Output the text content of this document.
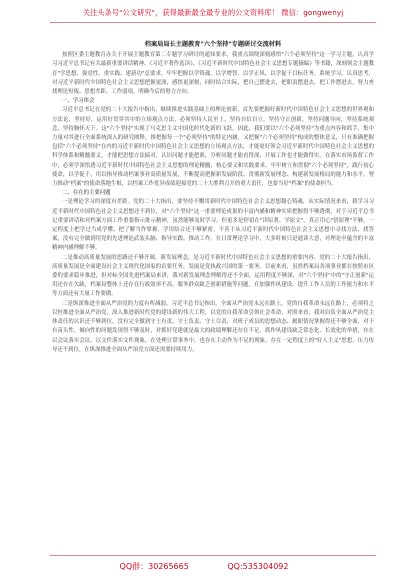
关注头条号"公文研究"，获得最新最全最专业的公文资料库！ 微信：gongwenyj
档案局局长主题教育"六个坚持"专题研讨交流材料

按照区委主题教育办关于开展主题教育第二专题学习研讨的通知要求，我重点围绕深刻感悟"六个必须坚持"这一学习主题，认真学习习近平总书记有关最新重要讲话精神、《习近平著作选读》、《习近平新时代中国特色社会主义思想专题摘编》等书籍，深刻领会主题教育"学思想、强党性、重实践、建新功"总要求，牢牢把握以学铸魂、以学增智、以学正风、以学促干目标任务，系统学习、认真思考，对习近平新时代中国特色社会主义思想把握更深，感悟更深刻，同时结合实际，把自己摆进去，把职责摆进去，把工作摆进去，努力查找理论短板、思想差距、工作弱项，明确今后的努力方向。

一、学习体会

习近平总书记在党的二十大报告中指出，继续推进实践基础上的理论创新，首先要把握好新时代中国特色社会主义思想的世界观和方法论，坚持好、运用好贯穿其中的立场观点方法，必须坚持人民至上，坚持自信自立，坚持守正创新，坚持问题导向，坚持系统观念，坚持胸怀天下。这"六个坚持"实现了马克思主义中国化时代化新的飞跃，因此，我们要以"六个必须坚持"为重点内容和抓手，集中力量对其进行全面系统深入的研究阐释，推把握每一个"必须坚持"的特定内涵，又把握"六个必须坚持"构成的整体意义，只有准确把握包括"六个必须坚持"在内的习近平新时代中国特色社会主义思想的立场观点方法，才能更好领会习近平新时代中国特色社会主义思想的科学体系和精髓要义，才能把思想方法搞对，认识问题才能把准，分析问题才能看得深，开展工作也才能做得实。在落实市场监督工作中，必须学深悟透习近平新时代中国特色社会主义思想的理论精髓，核心要义和实践要求，牢牢树立和贯彻"六个必须坚持"，践行初心使命，以学促干，用以指导推动档案事业高质量发展，不断提高把握新发展阶段、贯彻新发展理念、构建新发展格局的能力和水平，努力推动"档案"的使命落地生根，以档案工作优异成绩迎接党的二十大胜利召开的重大责任，也要当好"档案"的使命担当。

二、存在的主要问题

一是理论学习的深度有差距。党的二十大指出，要坚持不懈用新时代中国特色社会主义思想凝心铸魂，从实际情况来看，我学习习近平新时代中国特色社会主义思想还不到位，对"六个坚持"这一重要理论成果的丰富内涵和精神实质把握得不够透彻，对于习近平总书记重要讲话和对档案方面工作重要指示批示精神，虽然能够及时学习，但更多是停留在"读原著、学原文"，真正用心"悟原理"不够，一定程度上把学过当成学懂、把了解当作掌握，学用结合还不够紧密，不善于从习近平新时代中国特色社会主义思想中寻找方法、找答案，没有完全做到用党的先进理论武装头脑、指导实践、推动工作。在日常理论学习中，大多时候只是通读大意，对理论中蕴含的丰富精神内涵理解不够。

二是推动高质量发展的思路还不够开阔。新发展理念，是习近平新时代中国特色社会主义思想的重要内容，党的二十大报告指出，高质量发展是全面建设社会主义现代化国家的首要任务，发展是党执政兴国的第一要务。目前来看，虽然档案局各项事业都在按照市区委的要求稳步推进，但对标全国先进档案局来讲，我对新发展理念理解得还不全面，运用程度不够深，对"六个坚持"中的"守正创新"运用还存在欠缺，档案局整体上还存在行政效率不高，服务群众缺乏创新措施等问题，在加强作风建设、提升工作人员的工作能力和水平等方面还有大量工作要做。

三是纵深推进全面从严治党的力度有所减弱。习近平总书记指出，全面从严治党永远在路上，党的自我革命永远在路上，必须将之以恒推进全面从严治党，深入推进新时代党的建设新的伟大工程，以党的自我革命引领社会革命，对照来看，我对肩负全面从严治党主体责任的认识还不够到位，没有完全做到守土有责、守土负责、守土尽责，对班子成员的思想动态、履职情况掌握得还不够全面，对于有苗头性、倾向性的问题发现得不够及时，对抓好党建就是最大的政绩理解还存在不足，抓作风建设缺乏常态化、长效化的举措，存在以会议落实会议、以文件落实文件现象，在处理日常事务中，也存在主动作为不足的现象，存在一定程度上的"好人主义"思想，压力传导还不到位，在纵深推进全面从严治党方面还需要持续用力。

QQ群：30265665	QQ:535304092
